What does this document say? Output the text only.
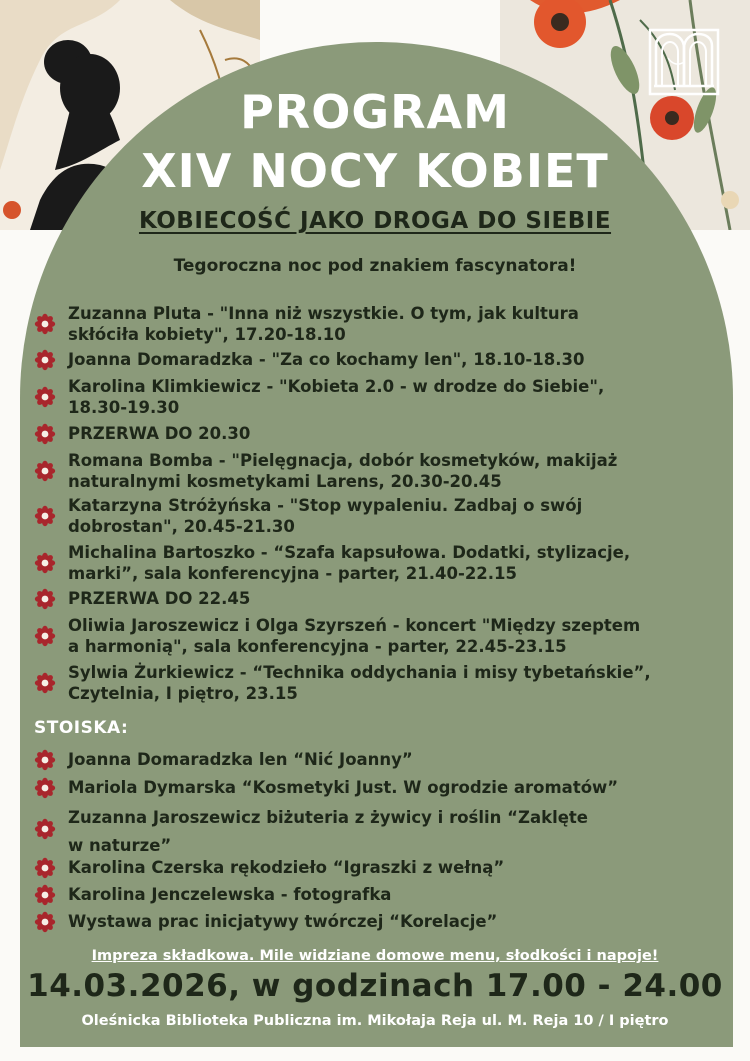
PROGRAM
XIV NOCY KOBIET
KOBIECOŚĆ JAKO DROGA DO SIEBIE
Tegoroczna noc pod znakiem fascynatora!
Zuzanna Pluta - "Inna niż wszystkie. O tym, jak kultura
skłóciła kobiety", 17.20-18.10
Joanna Domaradzka - "Za co kochamy len", 18.10-18.30
Karolina Klimkiewicz - "Kobieta 2.0 - w drodze do Siebie",
18.30-19.30
PRZERWA DO 20.30
Romana Bomba - "Pielęgnacja, dobór kosmetyków, makijaż
naturalnymi kosmetykami Larens, 20.30-20.45
Katarzyna Stróżyńska - "Stop wypaleniu. Zadbaj o swój
dobrostan", 20.45-21.30
Michalina Bartoszko - “Szafa kapsułowa. Dodatki, stylizacje,
marki”, sala konferencyjna - parter, 21.40-22.15
PRZERWA DO 22.45
Oliwia Jaroszewicz i Olga Szyrszeń - koncert "Między szeptem
a harmonią", sala konferencyjna - parter, 22.45-23.15
Sylwia Żurkiewicz - “Technika oddychania i misy tybetańskie”,
Czytelnia, I piętro, 23.15
STOISKA:
Joanna Domaradzka len “Nić Joanny”
Mariola Dymarska “Kosmetyki Just. W ogrodzie aromatów”
Zuzanna Jaroszewicz biżuteria z żywicy i roślin “Zaklęte
w naturze”
Karolina Czerska rękodzieło “Igraszki z wełną”
Karolina Jenczelewska - fotografka
Wystawa prac inicjatywy twórczej “Korelacje”
Impreza składkowa. Mile widziane domowe menu, słodkości i napoje!
14.03.2026, w godzinach 17.00 - 24.00
Oleśnicka Biblioteka Publiczna im. Mikołaja Reja ul. M. Reja 10 / I piętro
